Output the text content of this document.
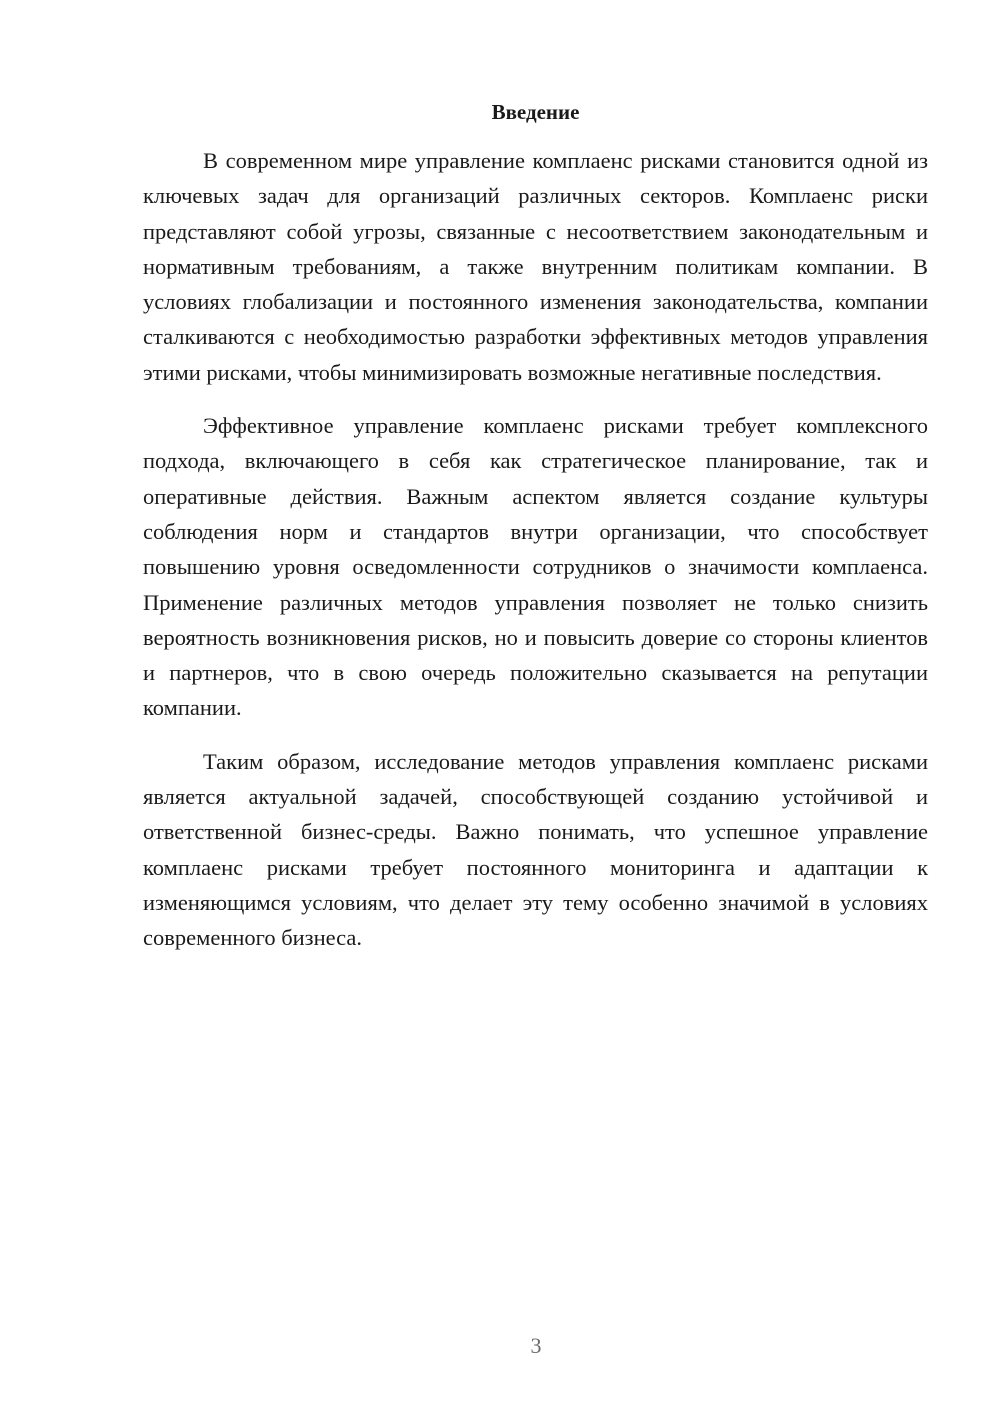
Введение

В современном мире управление комплаенс рисками становится одной из ключевых задач для организаций различных секторов. Комплаенс риски представляют собой угрозы, связанные с несоответствием законодательным и нормативным требованиям, а также внутренним политикам компании. В условиях глобализации и постоянного изменения законодательства, компании сталкиваются с необходимостью разработки эффективных методов управления этими рисками, чтобы минимизировать возможные негативные последствия.

Эффективное управление комплаенс рисками требует комплексного подхода, включающего в себя как стратегическое планирование, так и оперативные действия. Важным аспектом является создание культуры соблюдения норм и стандартов внутри организации, что способствует повышению уровня осведомленности сотрудников о значимости комплаенса. Применение различных методов управления позволяет не только снизить вероятность возникновения рисков, но и повысить доверие со стороны клиентов и партнеров, что в свою очередь положительно сказывается на репутации компании.

Таким образом, исследование методов управления комплаенс рисками является актуальной задачей, способствующей созданию устойчивой и ответственной бизнес-среды. Важно понимать, что успешное управление комплаенс рисками требует постоянного мониторинга и адаптации к изменяющимся условиям, что делает эту тему особенно значимой в условиях современного бизнеса.

3
